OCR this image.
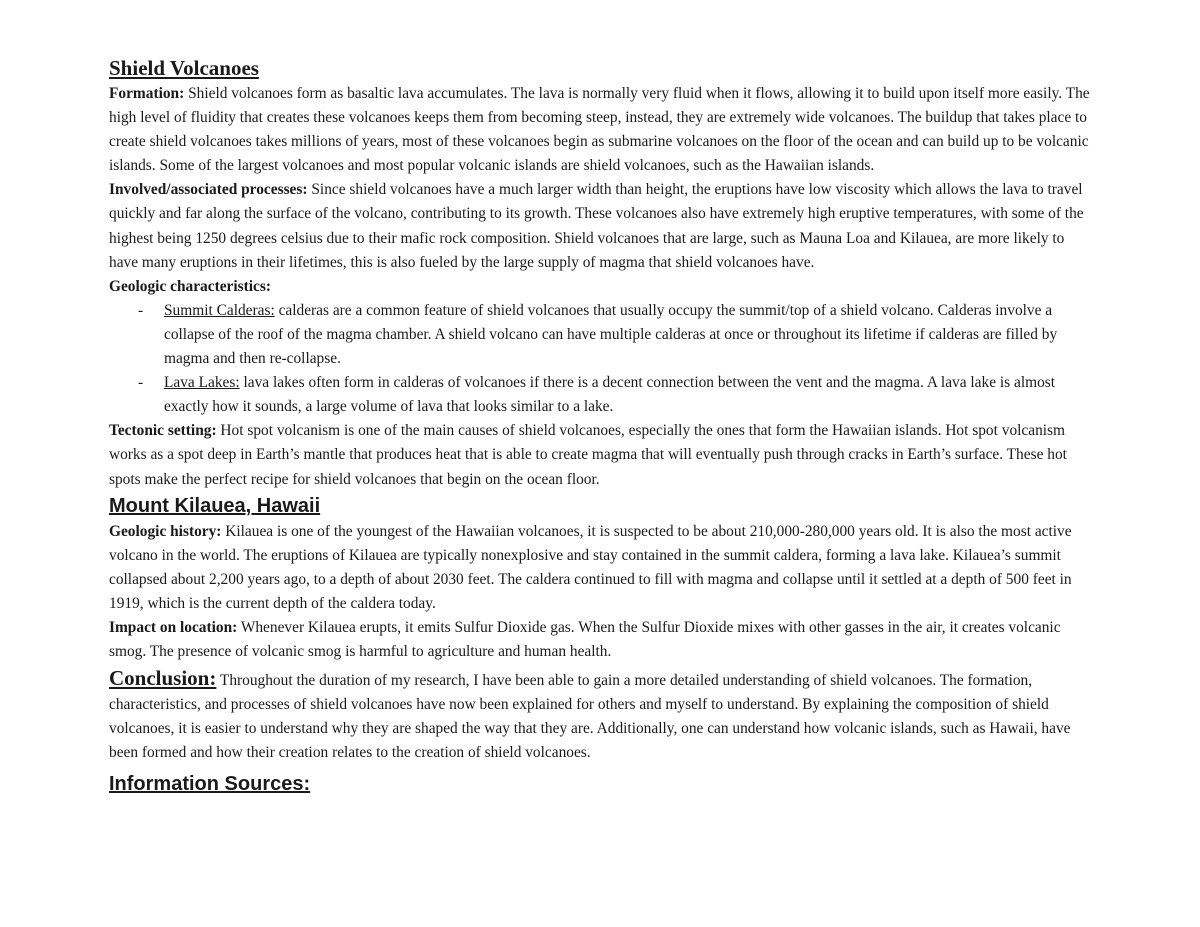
Shield Volcanoes

Formation: Shield volcanoes form as basaltic lava accumulates. The lava is normally very fluid when it flows, allowing it to build upon itself more easily. The high level of fluidity that creates these volcanoes keeps them from becoming steep, instead, they are extremely wide volcanoes. The buildup that takes place to create shield volcanoes takes millions of years, most of these volcanoes begin as submarine volcanoes on the floor of the ocean and can build up to be volcanic islands. Some of the largest volcanoes and most popular volcanic islands are shield volcanoes, such as the Hawaiian islands.

Involved/associated processes: Since shield volcanoes have a much larger width than height, the eruptions have low viscosity which allows the lava to travel quickly and far along the surface of the volcano, contributing to its growth. These volcanoes also have extremely high eruptive temperatures, with some of the highest being 1250 degrees celsius due to their mafic rock composition. Shield volcanoes that are large, such as Mauna Loa and Kilauea, are more likely to have many eruptions in their lifetimes, this is also fueled by the large supply of magma that shield volcanoes have.

Geologic characteristics:

- Summit Calderas: calderas are a common feature of shield volcanoes that usually occupy the summit/top of a shield volcano. Calderas involve a collapse of the roof of the magma chamber. A shield volcano can have multiple calderas at once or throughout its lifetime if calderas are filled by magma and then re-collapse.
- Lava Lakes: lava lakes often form in calderas of volcanoes if there is a decent connection between the vent and the magma. A lava lake is almost exactly how it sounds, a large volume of lava that looks similar to a lake.

Tectonic setting: Hot spot volcanism is one of the main causes of shield volcanoes, especially the ones that form the Hawaiian islands. Hot spot volcanism works as a spot deep in Earth’s mantle that produces heat that is able to create magma that will eventually push through cracks in Earth’s surface. These hot spots make the perfect recipe for shield volcanoes that begin on the ocean floor.

Mount Kilauea, Hawaii

Geologic history: Kilauea is one of the youngest of the Hawaiian volcanoes, it is suspected to be about 210,000-280,000 years old. It is also the most active volcano in the world. The eruptions of Kilauea are typically nonexplosive and stay contained in the summit caldera, forming a lava lake. Kilauea’s summit collapsed about 2,200 years ago, to a depth of about 2030 feet. The caldera continued to fill with magma and collapse until it settled at a depth of 500 feet in 1919, which is the current depth of the caldera today.

Impact on location: Whenever Kilauea erupts, it emits Sulfur Dioxide gas. When the Sulfur Dioxide mixes with other gasses in the air, it creates volcanic smog. The presence of volcanic smog is harmful to agriculture and human health.

Conclusion: Throughout the duration of my research, I have been able to gain a more detailed understanding of shield volcanoes. The formation, characteristics, and processes of shield volcanoes have now been explained for others and myself to understand. By explaining the composition of shield volcanoes, it is easier to understand why they are shaped the way that they are. Additionally, one can understand how volcanic islands, such as Hawaii, have been formed and how their creation relates to the creation of shield volcanoes.

Information Sources:
